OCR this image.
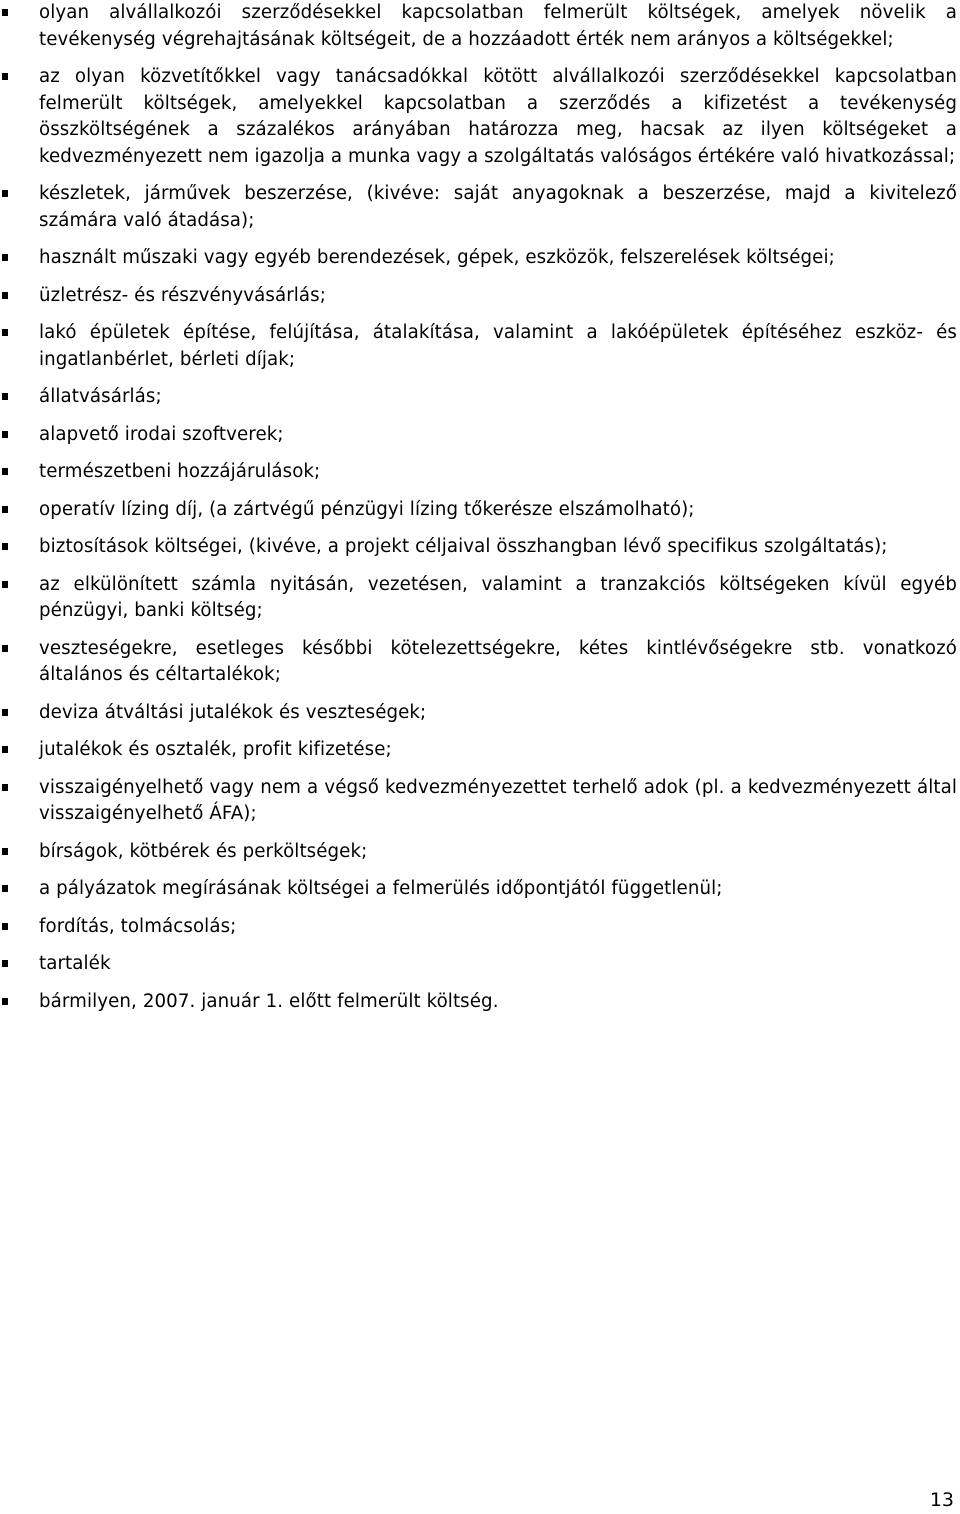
olyan alvállalkozói szerződésekkel kapcsolatban felmerült költségek, amelyek növelik a tevékenység végrehajtásának költségeit, de a hozzáadott érték nem arányos a költségekkel;
az olyan közvetítőkkel vagy tanácsadókkal kötött alvállalkozói szerződésekkel kapcsolatban felmerült költségek, amelyekkel kapcsolatban a szerződés a kifizetést a tevékenység összköltségének a százalékos arányában határozza meg, hacsak az ilyen költségeket a kedvezményezett nem igazolja a munka vagy a szolgáltatás valóságos értékére való hivatkozással;
készletek, járművek beszerzése, (kivéve: saját anyagoknak a beszerzése, majd a kivitelező számára való átadása);
használt műszaki vagy egyéb berendezések, gépek, eszközök, felszerelések költségei;
üzletrész- és részvényvásárlás;
lakó épületek építése, felújítása, átalakítása, valamint a lakóépületek építéséhez eszköz- és ingatlanbérlet, bérleti díjak;
állatvásárlás;
alapvető irodai szoftverek;
természetbeni hozzájárulások;
operatív lízing díj, (a zártvégű pénzügyi lízing tőkerésze elszámolható);
biztosítások költségei, (kivéve, a projekt céljaival összhangban lévő specifikus szolgáltatás);
az elkülönített számla nyitásán, vezetésen, valamint a tranzakciós költségeken kívül egyéb pénzügyi, banki költség;
veszteségekre, esetleges későbbi kötelezettségekre, kétes kintlévőségekre stb. vonatkozó általános és céltartalékok;
deviza átváltási jutalékok és veszteségek;
jutalékok és osztalék, profit kifizetése;
visszaigényelhető vagy nem a végső kedvezményezettet terhelő adok (pl. a kedvezményezett által visszaigényelhető ÁFA);
bírságok, kötbérek és perköltségek;
a pályázatok megírásának költségei a felmerülés időpontjától függetlenül;
fordítás, tolmácsolás;
tartalék
bármilyen, 2007. január 1. előtt felmerült költség.
13
